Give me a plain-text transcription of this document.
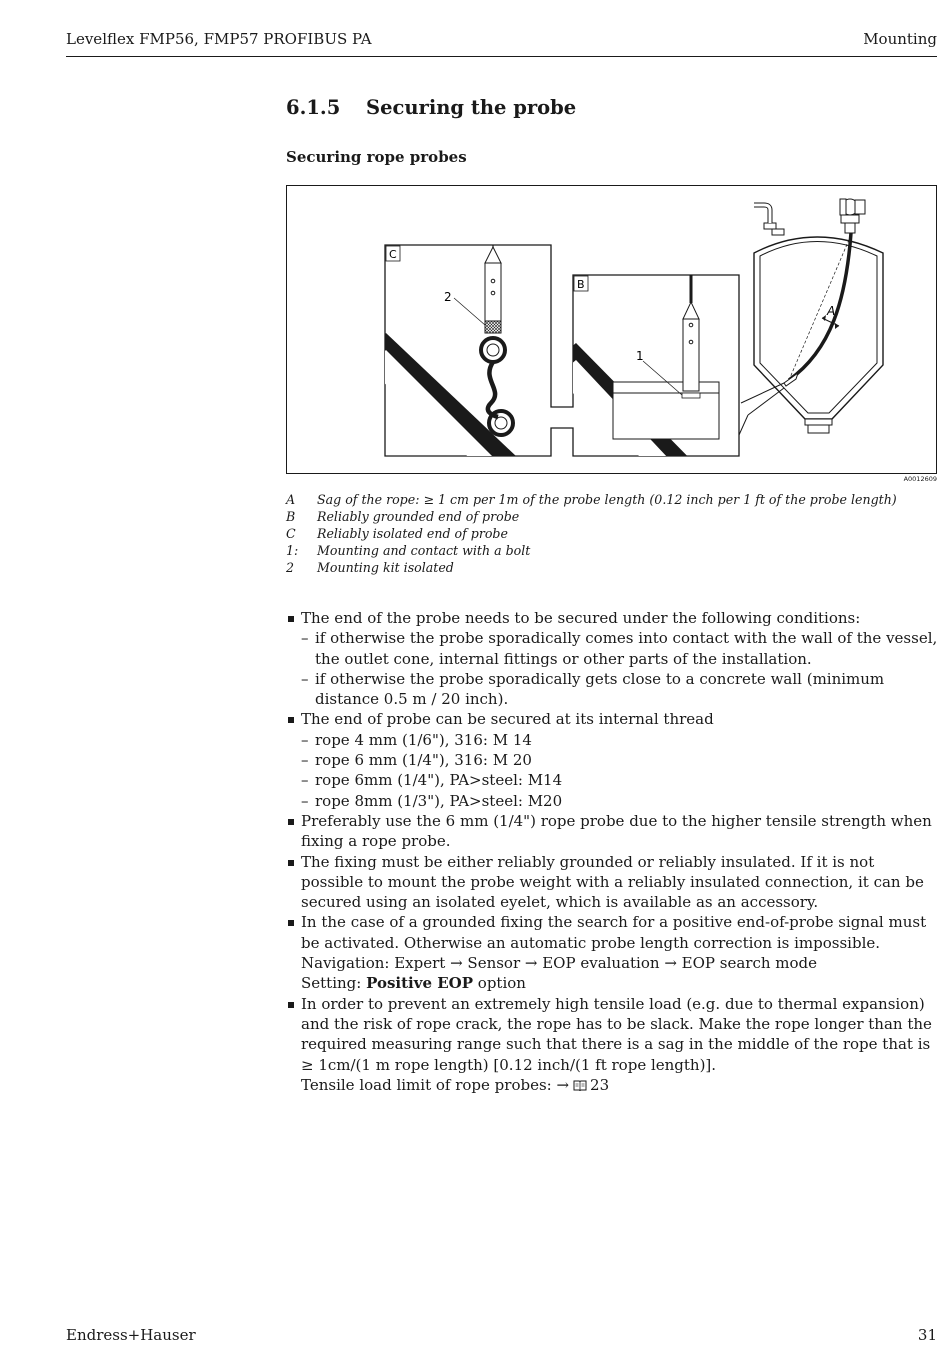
Levelflex FMP56, FMP57 PROFIBUS PA	Mounting
6.1.5 Securing the probe
Securing rope probes
C
2
B
1
A
A0012609
A Sag of the rope: ≥ 1 cm per 1m of the probe length (0.12 inch per 1 ft of the probe length)
B Reliably grounded end of probe
C Reliably isolated end of probe
1: Mounting and contact with a bolt
2 Mounting kit isolated
The end of the probe needs to be secured under the following conditions:
– if otherwise the probe sporadically comes into contact with the wall of the vessel, the outlet cone, internal fittings or other parts of the installation.
– if otherwise the probe sporadically gets close to a concrete wall (minimum distance 0.5 m / 20 inch).
The end of probe can be secured at its internal thread
– rope 4 mm (1/6"), 316: M 14
– rope 6 mm (1/4"), 316: M 20
– rope 6mm (1/4"), PA>steel: M14
– rope 8mm (1/3"), PA>steel: M20
Preferably use the 6 mm (1/4") rope probe due to the higher tensile strength when fixing a rope probe.
The fixing must be either reliably grounded or reliably insulated. If it is not possible to mount the probe weight with a reliably insulated connection, it can be secured using an isolated eyelet, which is available as an accessory.
In the case of a grounded fixing the search for a positive end-of-probe signal must be activated. Otherwise an automatic probe length correction is impossible.
Navigation: Expert → Sensor → EOP evaluation → EOP search mode
Setting: Positive EOP option
In order to prevent an extremely high tensile load (e.g. due to thermal expansion) and the risk of rope crack, the rope has to be slack. Make the rope longer than the required measuring range such that there is a sag in the middle of the rope that is ≥ 1cm/(1 m rope length) [0.12 inch/(1 ft rope length)].
Tensile load limit of rope probes: → 23
Endress+Hauser	31
